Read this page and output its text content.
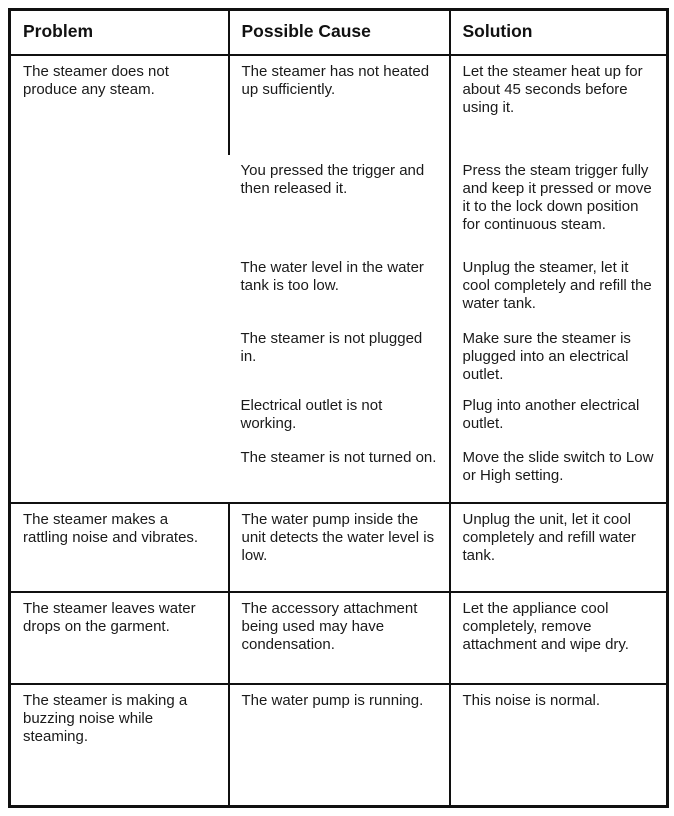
Problem	Possible Cause	Solution
The steamer does not produce any steam.	The steamer has not heated up sufficiently.	Let the steamer heat up for about 45 seconds before using it.
	You pressed the trigger and then released it.	Press the steam trigger fully and keep it pressed or move it to the lock down position for continuous steam.
	The water level in the water tank is too low.	Unplug the steamer, let it cool completely and refill the water tank.
	The steamer is not plugged in.	Make sure the steamer is plugged into an electrical outlet.
	Electrical outlet is not working.	Plug into another electrical outlet.
	The steamer is not turned on.	Move the slide switch to Low or High setting.
The steamer makes a rattling noise and vibrates.	The water pump inside the unit detects the water level is low.	Unplug the unit, let it cool completely and refill water tank.
The steamer leaves water drops on the garment.	The accessory attachment being used may have condensation.	Let the appliance cool completely, remove attachment and wipe dry.
The steamer is making a buzzing noise while steaming.	The water pump is running.	This noise is normal.
